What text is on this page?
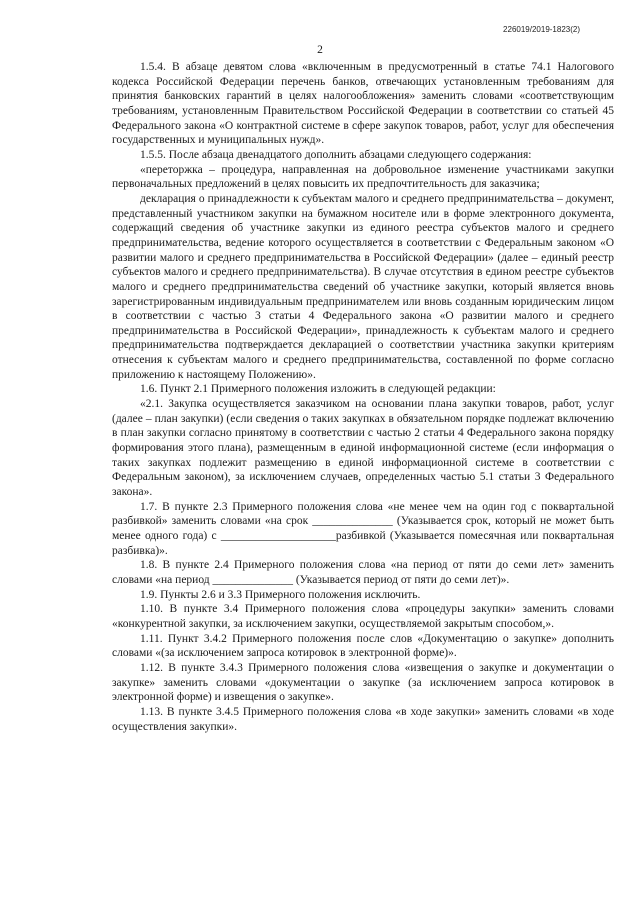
226019/2019-1823(2)
2

1.5.4. В абзаце девятом слова «включенным в предусмотренный в статье 74.1 Налогового кодекса Российской Федерации перечень банков, отвечающих установленным требованиям для принятия банковских гарантий в целях налогообложения» заменить словами «соответствующим требованиям, установленным Правительством Российской Федерации в соответствии со статьей 45 Федерального закона «О контрактной системе в сфере закупок товаров, работ, услуг для обеспечения государственных и муниципальных нужд».

1.5.5. После абзаца двенадцатого дополнить абзацами следующего содержания:

«переторжка – процедура, направленная на добровольное изменение участниками закупки первоначальных предложений в целях повысить их предпочтительность для заказчика;

декларация о принадлежности к субъектам малого и среднего предпринимательства – документ, представленный участником закупки на бумажном носителе или в форме электронного документа, содержащий сведения об участнике закупки из единого реестра субъектов малого и среднего предпринимательства, ведение которого осуществляется в соответствии с Федеральным законом «О развитии малого и среднего предпринимательства в Российской Федерации» (далее – единый реестр субъектов малого и среднего предпринимательства). В случае отсутствия в едином реестре субъектов малого и среднего предпринимательства сведений об участнике закупки, который является вновь зарегистрированным индивидуальным предпринимателем или вновь созданным юридическим лицом в соответствии с частью 3 статьи 4 Федерального закона «О развитии малого и среднего предпринимательства в Российской Федерации», принадлежность к субъектам малого и среднего предпринимательства подтверждается декларацией о соответствии участника закупки критериям отнесения к субъектам малого и среднего предпринимательства, составленной по форме согласно приложению к настоящему Положению».

1.6. Пункт 2.1 Примерного положения изложить в следующей редакции:

«2.1. Закупка осуществляется заказчиком на основании плана закупки товаров, работ, услуг (далее – план закупки) (если сведения о таких закупках в обязательном порядке подлежат включению в план закупки согласно принятому в соответствии с частью 2 статьи 4 Федерального закона порядку формирования этого плана), размещенным в единой информационной системе (если информация о таких закупках подлежит размещению в единой информационной системе в соответствии с Федеральным законом), за исключением случаев, определенных частью 5.1 статьи 3 Федерального закона».

1.7. В пункте 2.3 Примерного положения слова «не менее чем на один год с поквартальной разбивкой» заменить словами «на срок ______________ (Указывается срок, который не может быть менее одного года) с ____________________разбивкой (Указывается помесячная или поквартальная разбивка)».

1.8. В пункте 2.4 Примерного положения слова «на период от пяти до семи лет» заменить словами «на период ______________ (Указывается период от пяти до семи лет)».

1.9. Пункты 2.6 и 3.3 Примерного положения исключить.

1.10. В пункте 3.4 Примерного положения слова «процедуры закупки» заменить словами «конкурентной закупки, за исключением закупки, осуществляемой закрытым способом,».

1.11. Пункт 3.4.2 Примерного положения после слов «Документацию о закупке» дополнить словами «(за исключением запроса котировок в электронной форме)».

1.12. В пункте 3.4.3 Примерного положения слова «извещения о закупке и документации о закупке» заменить словами «документации о закупке (за исключением запроса котировок в электронной форме) и извещения о закупке».

1.13. В пункте 3.4.5 Примерного положения слова «в ходе закупки» заменить словами «в ходе осуществления закупки».
